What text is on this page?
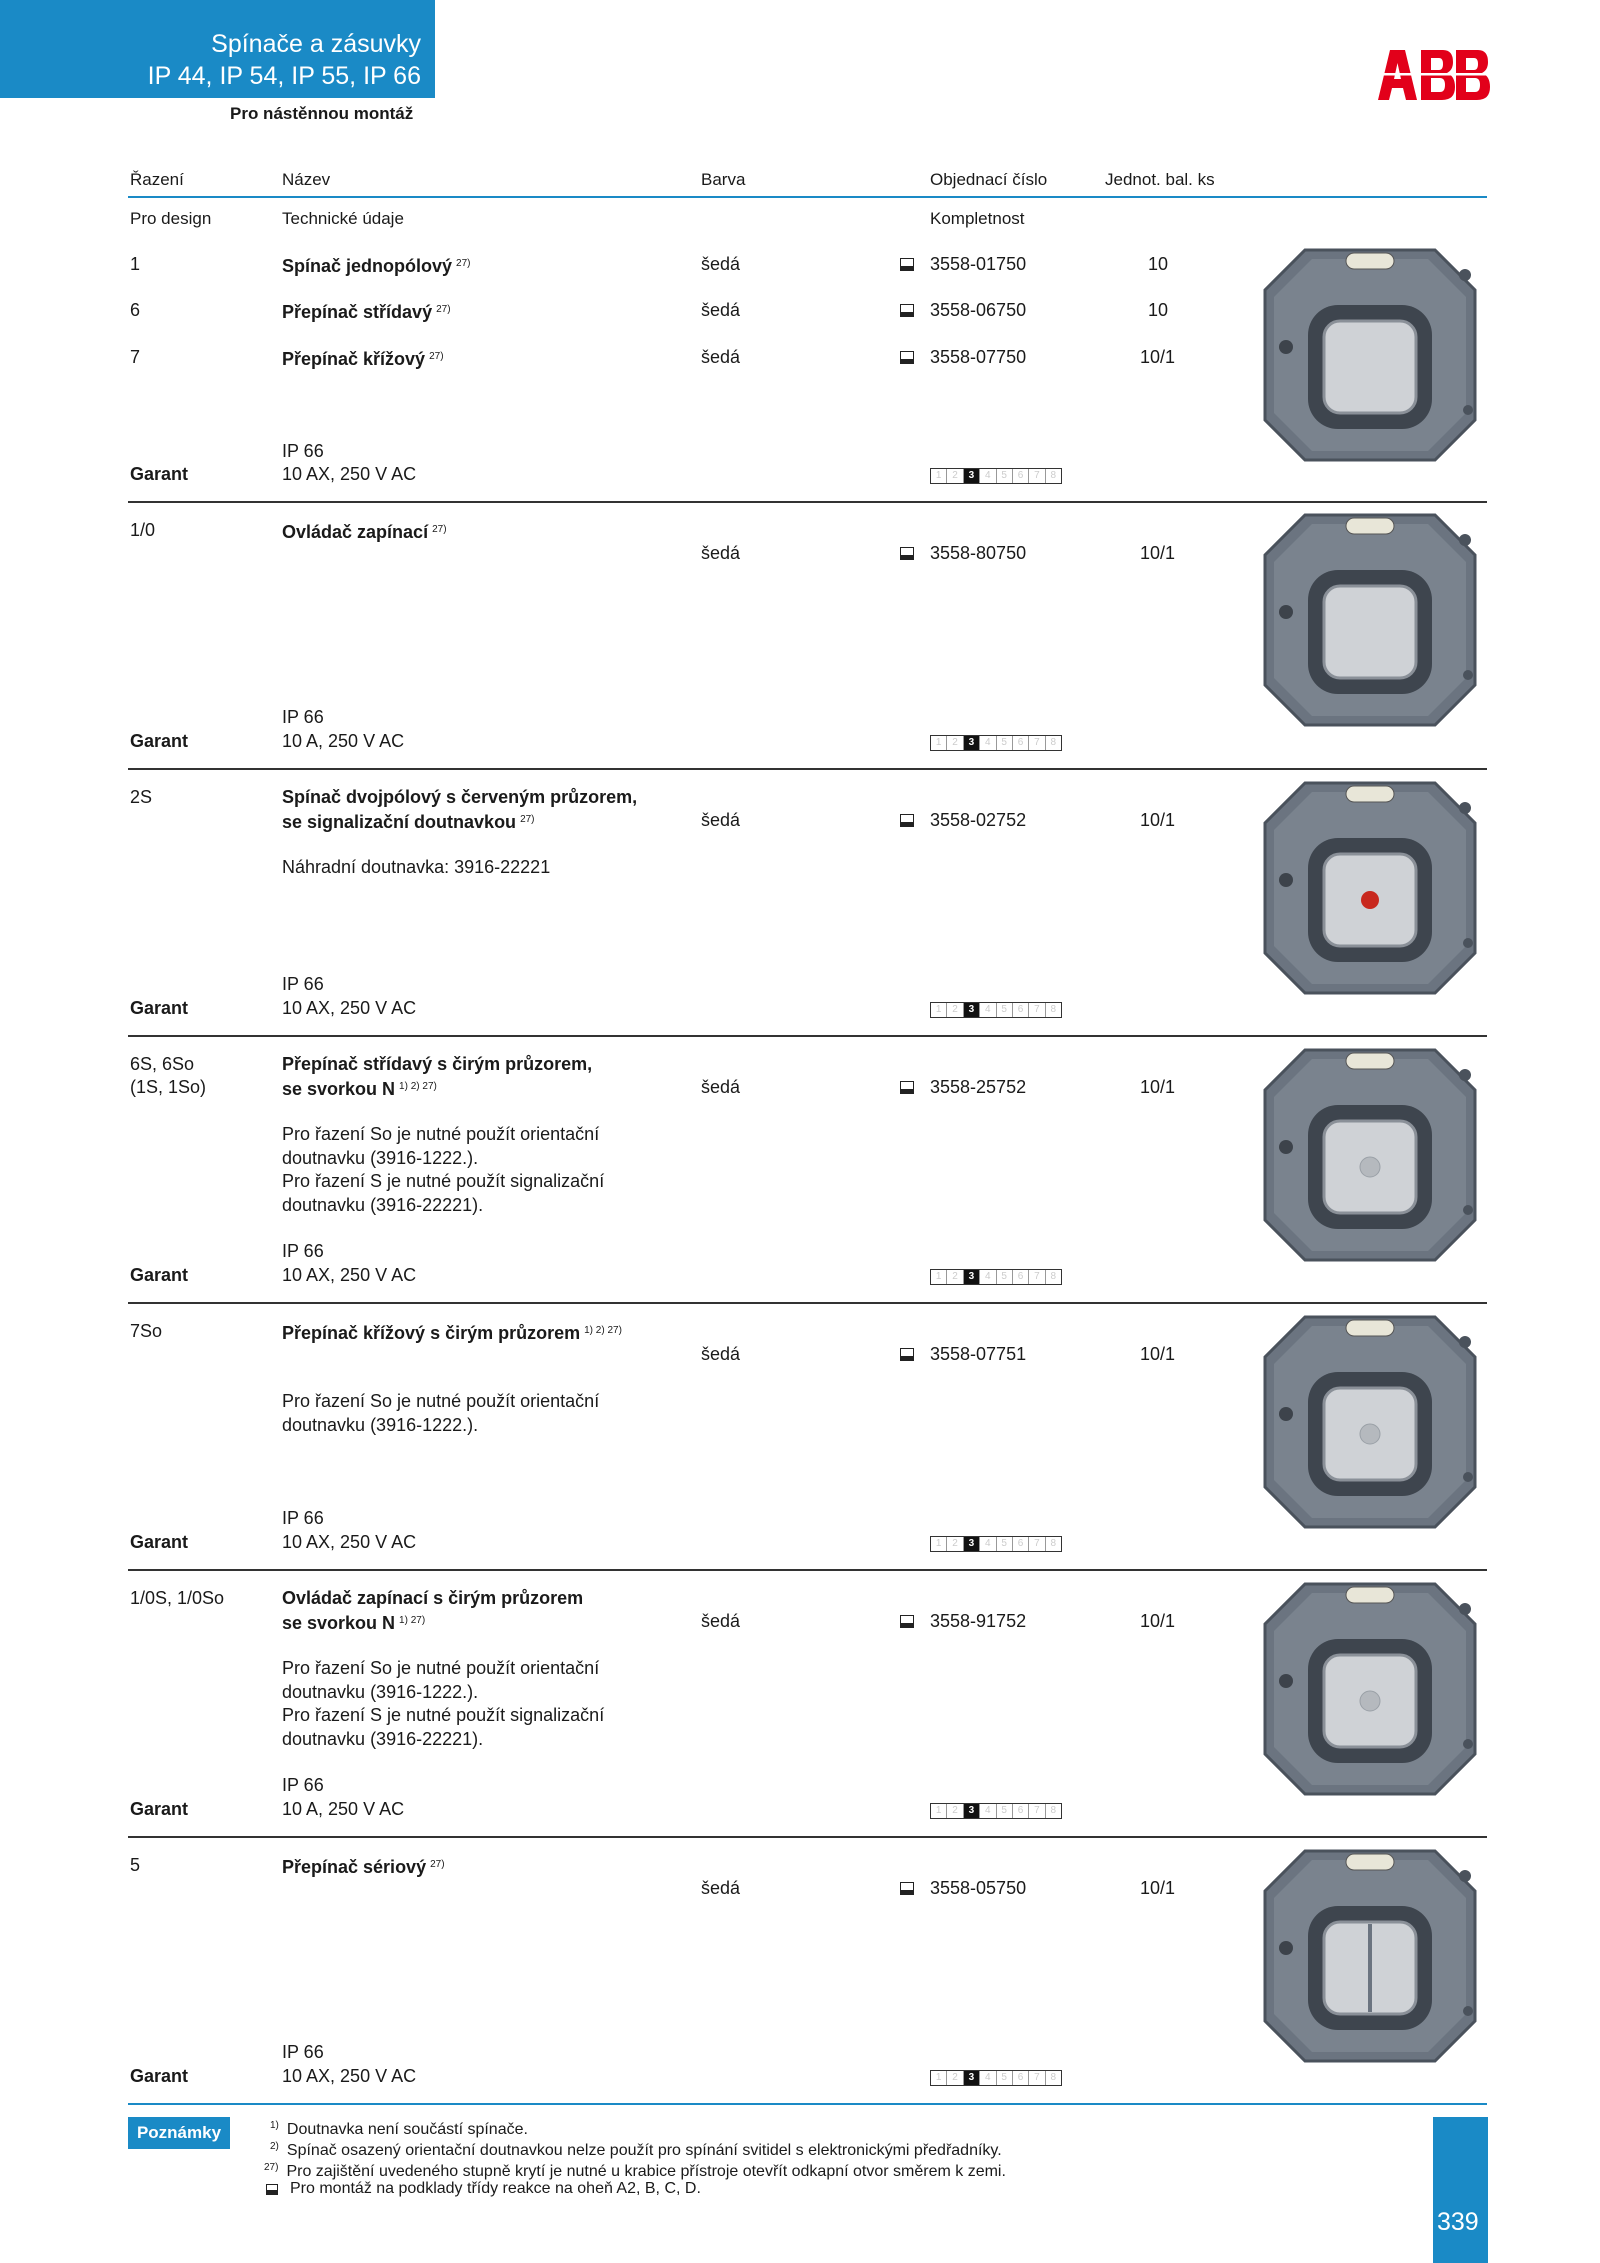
Spínače a zásuvky
IP 44, IP 54, IP 55, IP 66
Pro nástěnnou montáž
Řazení	Název	Barva	Objednací číslo	Jednot. bal. ks
Pro design	Technické údaje	Kompletnost
1	Spínač jednopólový $^{27)}$	šedá	3558-01750	10
6	Přepínač střídavý $^{27)}$	šedá	3558-06750	10
7	Přepínač křížový $^{27)}$	šedá	3558-07750	10/1
IP 66
Garant	10 AX, 250 V AC	1	2	3	4	5	6	7	8
1/0	Ovládač zapínací $^{27)}$
šedá	3558-80750	10/1
IP 66
Garant	10 A, 250 V AC	1	2	3	4	5	6	7	8
2S	Spínač dvojpólový s červeným průzorem,
se signalizační doutnavkou $^{27)}$	šedá	3558-02752	10/1
Náhradní doutnavka: 3916-22221
IP 66
Garant	10 AX, 250 V AC	1	2	3	4	5	6	7	8
6S, 6So
(1S, 1So)
Přepínač střídavý s čirým průzorem,
se svorkou N $^{1) 2) 27)}$	šedá	3558-25752	10/1
Pro řazení So je nutné použít orientační
doutnavku (3916-1222.).
Pro řazení S je nutné použít signalizační
doutnavku (3916-22221).
IP 66
Garant	10 AX, 250 V AC	1	2	3	4	5	6	7	8
7So	Přepínač křížový s čirým průzorem $^{1) 2) 27)}$
šedá	3558-07751	10/1
Pro řazení So je nutné použít orientační
doutnavku (3916-1222.).
IP 66
Garant	10 AX, 250 V AC	1	2	3	4	5	6	7	8
1/0S, 1/0So	Ovládač zapínací s čirým průzorem
se svorkou N $^{1) 27)}$	šedá	3558-91752	10/1
Pro řazení So je nutné použít orientační
doutnavku (3916-1222.).
Pro řazení S je nutné použít signalizační
doutnavku (3916-22221).
IP 66
Garant	10 A, 250 V AC	1	2	3	4	5	6	7	8
5	Přepínač sériový $^{27)}$
šedá	3558-05750	10/1
IP 66
Garant	10 AX, 250 V AC	1	2	3	4	5	6	7	8
Poznámky	$^{1)}$ Doutnavka není součástí spínače.
$^{2)}$ Spínač osazený orientační doutnavkou nelze použít pro spínání svitidel s elektronickými předřadníky.
$^{27)}$ Pro zajištění uvedeného stupně krytí je nutné u krabice přístroje otevřít odkapní otvor směrem k zemi.
Pro montáž na podklady třídy reakce na oheň A2, B, C, D.
339
